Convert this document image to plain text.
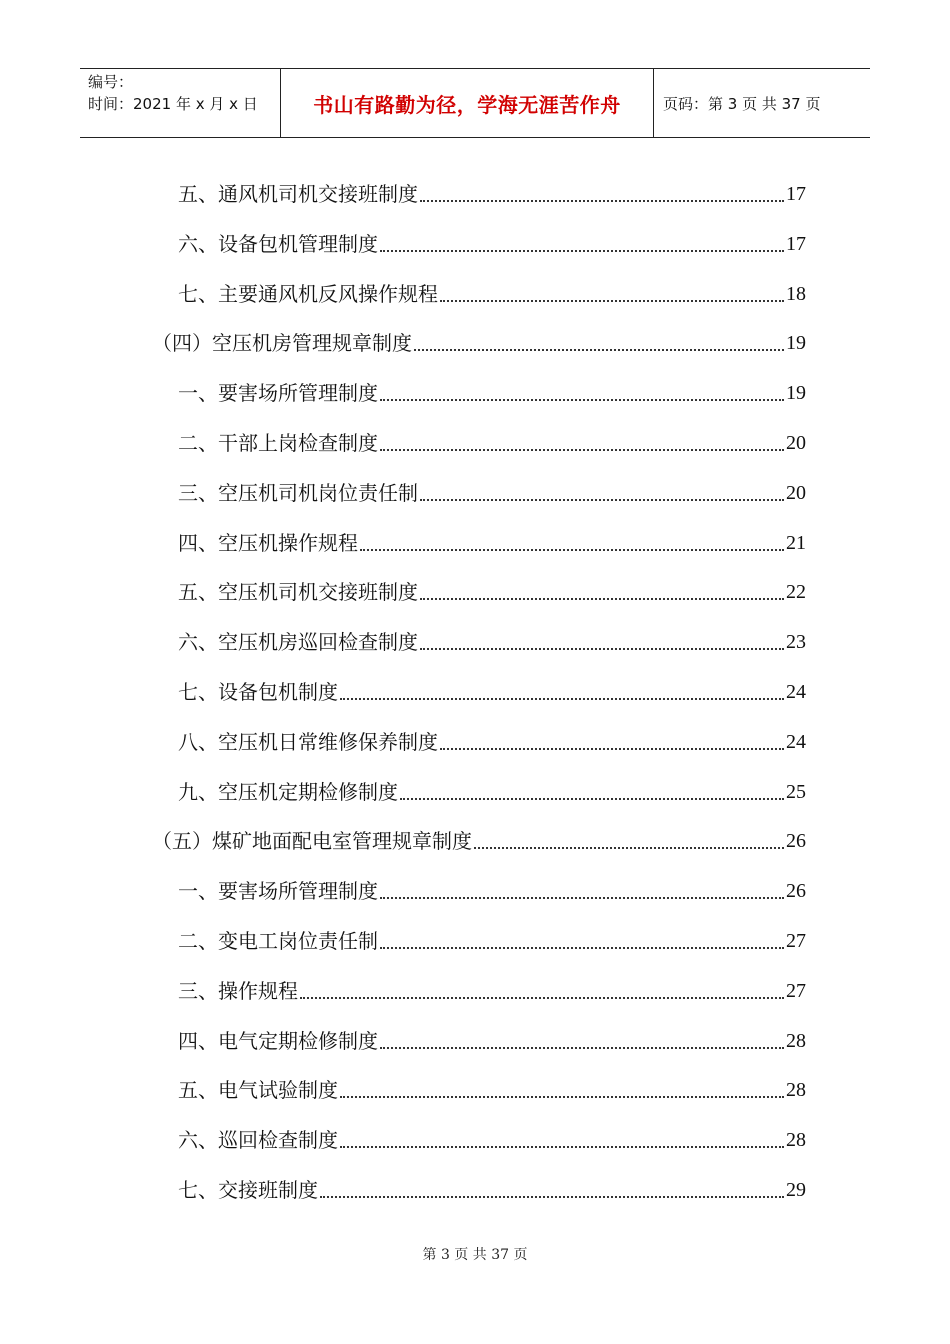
编号：
时间：2021 年 x 月 x 日	书山有路勤为径，学海无涯苦作舟	页码：第 3 页 共 37 页
五、通风机司机交接班制度	17
六、设备包机管理制度	17
七、主要通风机反风操作规程	18
（四）空压机房管理规章制度	19
一、要害场所管理制度	19
二、干部上岗检查制度	20
三、空压机司机岗位责任制	20
四、空压机操作规程	21
五、空压机司机交接班制度	22
六、空压机房巡回检查制度	23
七、设备包机制度	24
八、空压机日常维修保养制度	24
九、空压机定期检修制度	25
（五）煤矿地面配电室管理规章制度	26
一、要害场所管理制度	26
二、变电工岗位责任制	27
三、操作规程	27
四、电气定期检修制度	28
五、电气试验制度	28
六、巡回检查制度	28
七、交接班制度	29
第 3 页 共 37 页
